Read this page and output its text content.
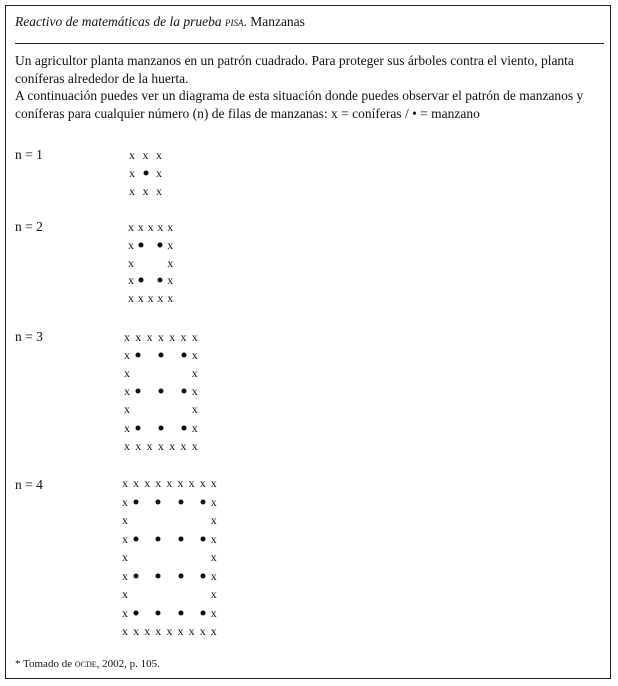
Reactivo de matemáticas de la prueba pisa. Manzanas

Un agricultor planta manzanos en un patrón cuadrado. Para proteger sus árboles contra el viento, planta coníferas alrededor de la huerta.

A continuación puedes ver un diagrama de esta situación donde puedes observar el patrón de manzanos y coníferas para cualquier número (n) de filas de manzanas: x = coníferas / • = manzano

n = 1
n = 2
n = 3
n = 4
x x x
x x
x x x
x x x x x
x	x
x	x
x	x
x x x x x
x x x x x x x
x	x
x	x
x	x
x	x
x	x
x x x x x x x
x x x x x x x x x
x	x
x	x
x	x
x	x
x	x
x	x
x	x
x x x x x x x x x
* Tomado de ocde, 2002, p. 105.
